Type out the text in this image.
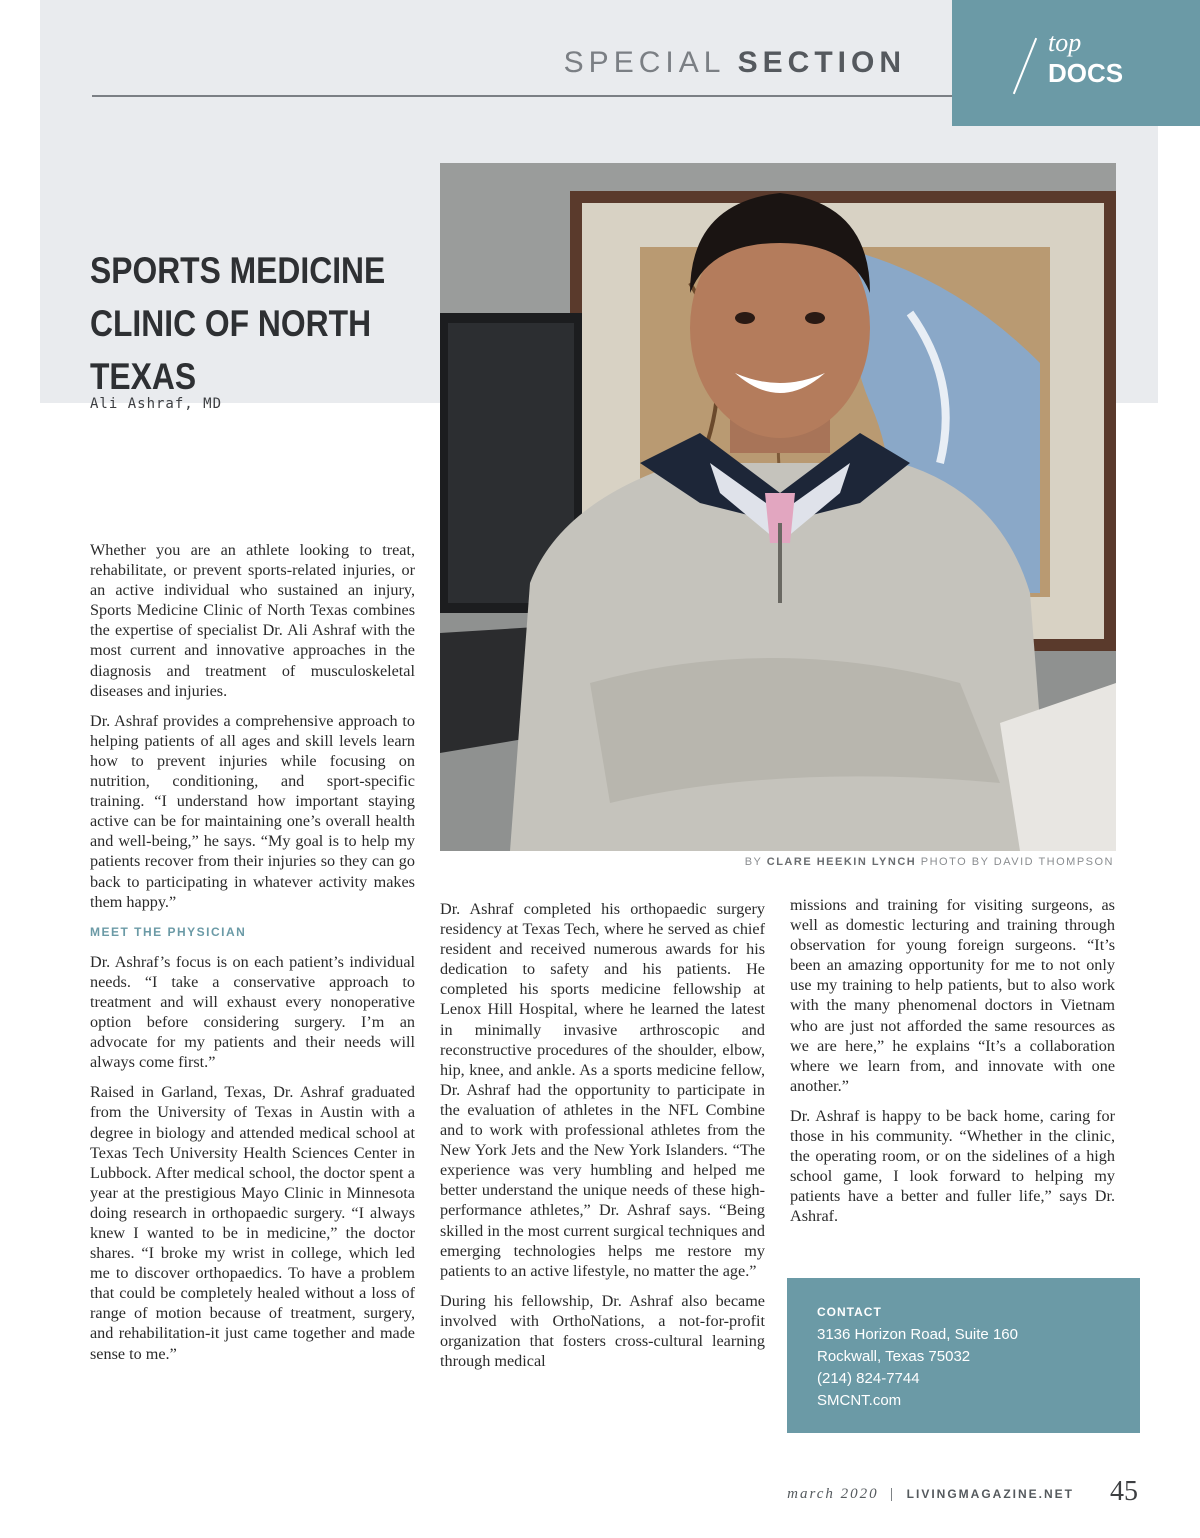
SPECIAL SECTION
top
DOCS
SPORTS MEDICINE
CLINIC OF NORTH
TEXAS
Ali Ashraf, MD
BY CLARE HEEKIN LYNCH PHOTO BY DAVID THOMPSON

Whether you are an athlete looking to treat, rehabilitate, or prevent sports-related injuries, or an active individual who sustained an injury, Sports Medicine Clinic of North Texas combines the expertise of specialist Dr. Ali Ashraf with the most current and innovative approaches in the diagnosis and treatment of musculoskeletal diseases and injuries.

Dr. Ashraf provides a comprehensive approach to helping patients of all ages and skill levels learn how to prevent injuries while focusing on nutrition, conditioning, and sport-specific training. “I understand how important staying active can be for maintaining one’s overall health and well-being,” he says. “My goal is to help my patients recover from their injuries so they can go back to participating in whatever activity makes them happy.”

MEET THE PHYSICIAN

Dr. Ashraf’s focus is on each patient’s individual needs. “I take a conservative approach to treatment and will exhaust every nonoperative option before considering surgery. I’m an advocate for my patients and their needs will always come first.”

Raised in Garland, Texas, Dr. Ashraf graduated from the University of Texas in Austin with a degree in biology and attended medical school at Texas Tech University Health Sciences Center in Lubbock. After medical school, the doctor spent a year at the prestigious Mayo Clinic in Minnesota doing research in orthopaedic surgery. “I always knew I wanted to be in medicine,” the doctor shares. “I broke my wrist in college, which led me to discover orthopaedics. To have a problem that could be completely healed without a loss of range of motion because of treatment, surgery, and rehabilitation-it just came together and made sense to me.”

Dr. Ashraf completed his orthopaedic surgery residency at Texas Tech, where he served as chief resident and received numerous awards for his dedication to safety and his patients. He completed his sports medicine fellowship at Lenox Hill Hospital, where he learned the latest in minimally invasive arthroscopic and reconstructive procedures of the shoulder, elbow, hip, knee, and ankle. As a sports medicine fellow, Dr. Ashraf had the opportunity to participate in the evaluation of athletes in the NFL Combine and to work with professional athletes from the New York Jets and the New York Islanders. “The experience was very humbling and helped me better understand the unique needs of these high-performance athletes,” Dr. Ashraf says. “Being skilled in the most current surgical techniques and emerging technologies helps me restore my patients to an active lifestyle, no matter the age.”

During his fellowship, Dr. Ashraf also became involved with OrthoNations, a not-for-profit organization that fosters cross-cultural learning through medical

missions and training for visiting surgeons, as well as domestic lecturing and training through observation for young foreign surgeons. “It’s been an amazing opportunity for me to not only use my training to help patients, but to also work with the many phenomenal doctors in Vietnam who are just not afforded the same resources as we are here,” he explains “It’s a collaboration where we learn from, and innovate with one another.”

Dr. Ashraf is happy to be back home, caring for those in his community. “Whether in the clinic, the operating room, or on the sidelines of a high school game, I look forward to helping my patients have a better and fuller life,” says Dr. Ashraf.

CONTACT
3136 Horizon Road, Suite 160
Rockwall, Texas 75032
(214) 824-7744
SMCNT.com
march 2020 | LIVINGMAGAZINE.NET 45
